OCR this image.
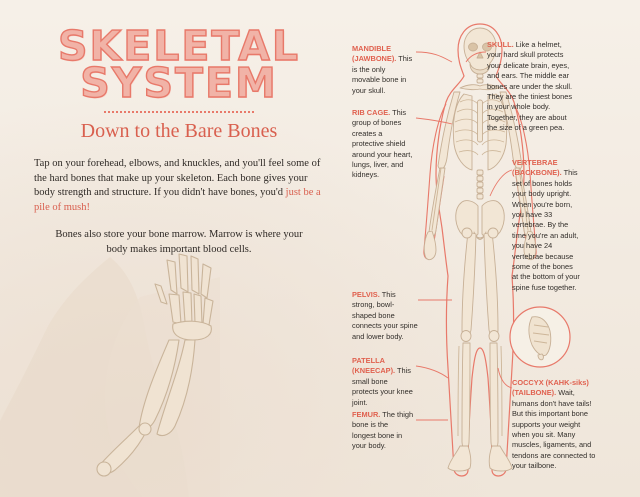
SKELETAL
SYSTEM
Down to the Bare Bones

Tap on your forehead, elbows, and knuckles, and you'll feel some of the hard bones that make up your skeleton. Each bone gives your body strength and structure. If you didn't have bones, you'd just be a pile of mush!

Bones also store your bone marrow. Marrow is where your body makes important blood cells.

MANDIBLE (JAWBONE). This is the only movable bone in your skull.
RIB CAGE. This group of bones creates a protective shield around your heart, lungs, liver, and kidneys.
PELVIS. This strong, bowl-shaped bone connects your spine and lower body.
PATELLA (KNEECAP). This small bone protects your knee joint.
FEMUR. The thigh bone is the longest bone in your body.
SKULL. Like a helmet, your hard skull protects your delicate brain, eyes, and ears. The middle ear bones are under the skull. They are the tiniest bones in your whole body. Together, they are about the size of a green pea.
VERTEBRAE (BACKBONE). This set of bones holds your body upright. When you're born, you have 33 vertebrae. By the time you're an adult, you have 24 vertebrae because some of the bones at the bottom of your spine fuse together.
COCCYX (KAHK-siks) (TAILBONE). Wait, humans don't have tails! But this important bone supports your weight when you sit. Many muscles, ligaments, and tendons are connected to your tailbone.
